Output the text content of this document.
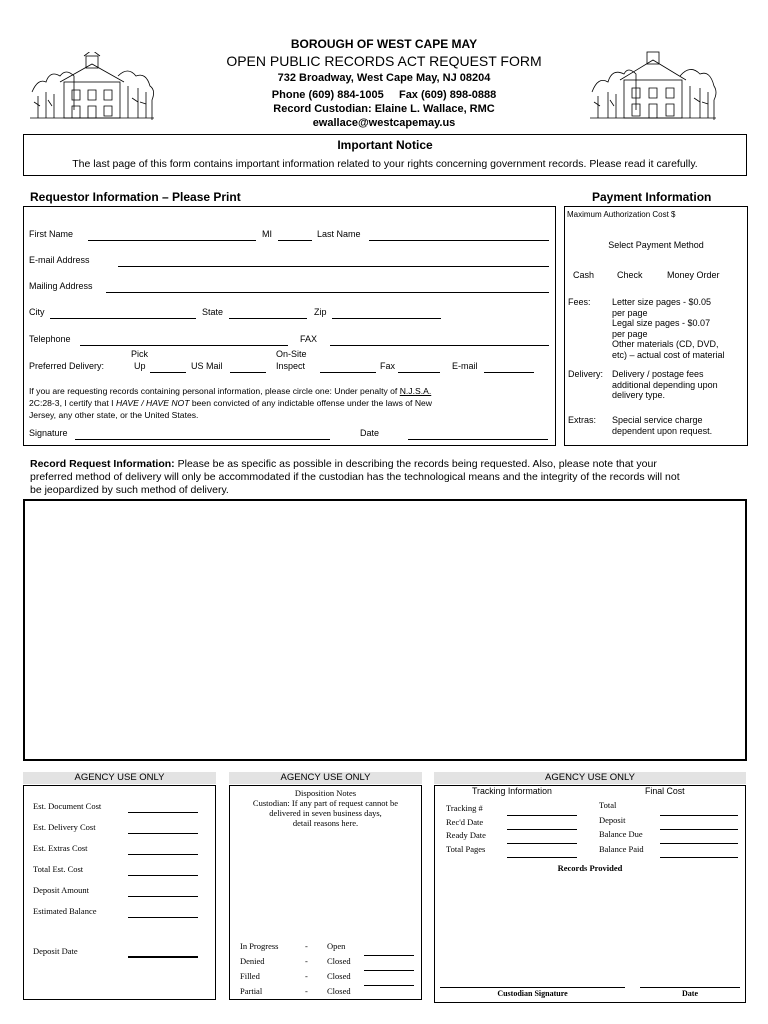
BOROUGH OF WEST CAPE MAY
OPEN PUBLIC RECORDS ACT REQUEST FORM
732 Broadway, West Cape May, NJ 08204
Phone (609) 884-1005     Fax (609) 898-0888
Record Custodian: Elaine L. Wallace, RMC
ewallace@westcapemay.us
Important Notice
The last page of this form contains important information related to your rights concerning government records. Please read it carefully.
Requestor Information – Please Print	Payment Information
First Name	MI	Last Name
E-mail Address
Mailing Address
City	State	Zip
Telephone	FAX
Pick	On-Site
Preferred Delivery:	Up	US Mail	Inspect	Fax	E-mail
If you are requesting records containing personal information, please circle one: Under penalty of N.J.S.A.
2C:28-3, I certify that I HAVE / HAVE NOT been convicted of any indictable offense under the laws of New
Jersey, any other state, or the United States.
Signature	Date
Maximum Authorization Cost $
Select Payment Method
Cash	Check	Money Order
Fees: Letter size pages - $0.05
per page
Legal size pages - $0.07
per page
Other materials (CD, DVD,
etc) – actual cost of material
Delivery: Delivery / postage fees
additional depending upon
delivery type.
Extras: Special service charge
dependent upon request.
Record Request Information: Please be as specific as possible in describing the records being requested. Also, please note that your
preferred method of delivery will only be accommodated if the custodian has the technological means and the integrity of the records will not
be jeopardized by such method of delivery.
AGENCY USE ONLY
Est. Document Cost
Est. Delivery Cost
Est. Extras Cost
Total Est. Cost
Deposit Amount
Estimated Balance
Deposit Date
AGENCY USE ONLY
Disposition Notes
Custodian: If any part of request cannot be
delivered in seven business days,
detail reasons here.
In Progress	- Open
Denied	- Closed
Filled	- Closed
Partial	- Closed
AGENCY USE ONLY
Tracking Information	Final Cost
Tracking #
Rec'd Date
Ready Date
Total Pages
Total
Deposit
Balance Due
Balance Paid
Records Provided
Custodian Signature	Date
